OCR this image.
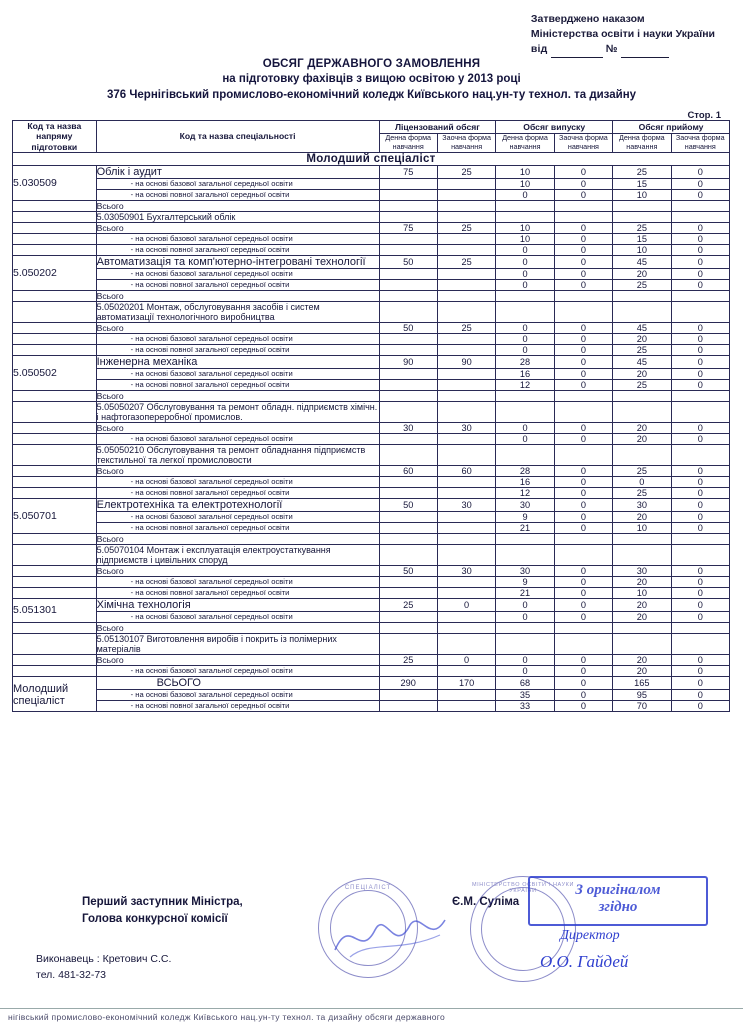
Затверджено наказом
Міністерства освіти і науки України
від	№
ОБСЯГ ДЕРЖАВНОГО ЗАМОВЛЕННЯ
на підготовку фахівців з вищою освітою у 2013 році
376 Чернігівський промислово-економічний коледж Київського нац.ун-ту технол. та дизайну
Стор. 1
Код та назва напряму підготовки	Код та назва спеціальності	Ліцензований обсяг		Обсяг випуску		Обсяг прийому	
		Денна форма навчання	Заочна форма навчання	Денна форма навчання	Заочна форма навчання	Денна форма навчання	Заочна форма навчання
Молодший спеціаліст							
5.030509	Облік і аудит	75	25	10	0	25	0
	- на основі базової загальної середньої освіти			10	0	15	0
	- на основі повної загальної середньої освіти			0	0	10	0
	Всього						
	5.03050901 Бухгалтерський облік						
	Всього	75	25	10	0	25	0
	- на основі базової загальної середньої освіти			10	0	15	0
	- на основі повної загальної середньої освіти			0	0	10	0
5.050202	Автоматизація та комп'ютерно-інтегровані технології	50	25	0	0	45	0
	- на основі базової загальної середньої освіти			0	0	20	0
	- на основі повної загальної середньої освіти			0	0	25	0
	Всього						
	5.05020201 Монтаж, обслуговування засобів і систем автоматизації технологічного виробництва						
	Всього	50	25	0	0	45	0
	- на основі базової загальної середньої освіти			0	0	20	0
	- на основі повної загальної середньої освіти			0	0	25	0
5.050502	Інженерна механіка	90	90	28	0	45	0
	- на основі базової загальної середньої освіти			16	0	20	0
	- на основі повної загальної середньої освіти			12	0	25	0
	Всього						
	5.05050207 Обслуговування та ремонт обладн. підприємств хімічн. і нафтогазопереробної промислов.						
	Всього	30	30	0	0	20	0
	- на основі базової загальної середньої освіти			0	0	20	0
	5.05050210 Обслуговування та ремонт обладнання підприємств текстильної та легкої промисловости						
	Всього	60	60	28	0	25	0
	- на основі базової загальної середньої освіти			16	0	0	0
	- на основі повної загальної середньої освіти			12	0	25	0
5.050701	Електротехніка та електротехнології	50	30	30	0	30	0
	- на основі базової загальної середньої освіти			9	0	20	0
	- на основі повної загальної середньої освіти			21	0	10	0
	Всього						
	5.05070104 Монтаж і експлуатація електроустаткування підприємств і цивільних споруд						
	Всього	50	30	30	0	30	0
	- на основі базової загальної середньої освіти			9	0	20	0
	- на основі повної загальної середньої освіти			21	0	10	0
5.051301	Хімічна технологія	25	0	0	0	20	0
	- на основі базової загальної середньої освіти			0	0	20	0
	Всього						
	5.05130107 Виготовлення виробів і покрить із полімерних матеріалів						
	Всього	25	0	0	0	20	0
	- на основі базової загальної середньої освіти			0	0	20	0
Молодший спеціаліст	ВСЬОГО	290	170	68	0	165	0
	- на основі базової загальної середньої освіти			35	0	95	0
	- на основі повної загальної середньої освіти			33	0	70	0
Перший заступник Міністра,
Голова конкурсної комісії
Є.М. Суліма
Виконавець : Кретович С.С.
тел. 481-32-73
нігівський промислово-економічний коледж Київського нац.ун-ту технол. та дизайну обсяги державного
СПЕЦІАЛІСТ	МІНІСТЕРСТВО ОСВІТИ І НАУКИ УКРАЇНИ	З оригіналом
згідно
Директор
О.О. Гайдей
